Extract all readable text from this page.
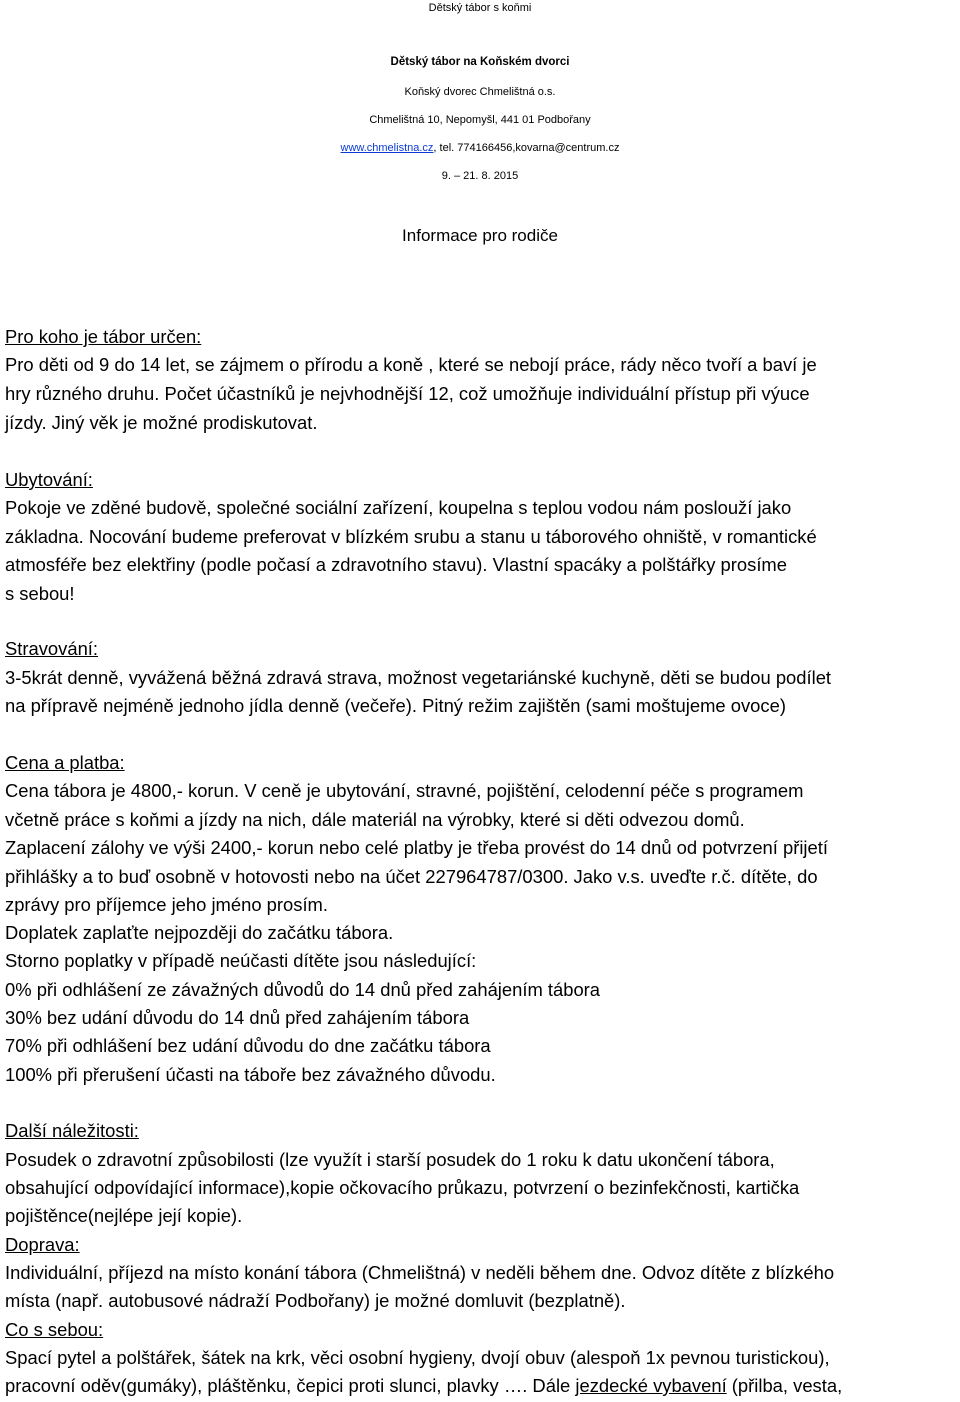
Dětský tábor s koňmi
Dětský tábor na Koňském dvorci
Koňský dvorec Chmelištná o.s.
Chmelištná 10, Nepomyšl, 441 01 Podbořany
www.chmelistna.cz, tel. 774166456,kovarna@centrum.cz
9. – 21. 8. 2015
Informace pro rodiče
Pro koho je tábor určen:
Pro děti od 9 do 14 let, se zájmem o přírodu a koně , které se nebojí práce, rády něco tvoří a baví je
hry různého druhu. Počet účastníků je nejvhodnější 12, což umožňuje individuální přístup při výuce
jízdy. Jiný věk je možné prodiskutovat.
Ubytování:
Pokoje ve zděné budově, společné sociální zařízení, koupelna s teplou vodou nám poslouží jako
základna. Nocování budeme preferovat v blízkém srubu a stanu u táborového ohniště, v romantické
atmosféře bez elektřiny (podle počasí a zdravotního stavu). Vlastní spacáky a polštářky prosíme
s sebou!
Stravování:
3-5krát denně, vyvážená běžná zdravá strava, možnost vegetariánské kuchyně, děti se budou podílet
na přípravě nejméně jednoho jídla denně (večeře). Pitný režim zajištěn (sami moštujeme ovoce)
Cena a platba:
Cena tábora je 4800,- korun. V ceně je ubytování, stravné, pojištění, celodenní péče s programem
včetně práce s koňmi a jízdy na nich, dále materiál na výrobky, které si děti odvezou domů.
Zaplacení zálohy ve výši 2400,- korun nebo celé platby je třeba provést do 14 dnů od potvrzení přijetí
přihlášky a to buď osobně v hotovosti nebo na účet 227964787/0300. Jako v.s. uveďte r.č. dítěte, do
zprávy pro příjemce jeho jméno prosím.
Doplatek zaplaťte nejpozději do začátku tábora.
Storno poplatky v případě neúčasti dítěte jsou následující:
0% při odhlášení ze závažných důvodů do 14 dnů před zahájením tábora
30% bez udání důvodu do 14 dnů před zahájením tábora
70% při odhlášení bez udání důvodu do dne začátku tábora
100% při přerušení účasti na táboře bez závažného důvodu.
Další náležitosti:
Posudek o zdravotní způsobilosti (lze využít i starší posudek do 1 roku k datu ukončení tábora,
obsahující odpovídající informace),kopie očkovacího průkazu, potvrzení o bezinfekčnosti, kartička
pojištěnce(nejlépe její kopie).
Doprava:
Individuální, příjezd na místo konání tábora (Chmelištná) v neděli během dne. Odvoz dítěte z blízkého
místa (např. autobusové nádraží Podbořany) je možné domluvit (bezplatně).
Co s sebou:
Spací pytel a polštářek, šátek na krk, věci osobní hygieny, dvojí obuv (alespoň 1x pevnou turistickou),
pracovní oděv(gumáky), pláštěnku, čepici proti slunci, plavky …. Dále jezdecké vybavení (přilba, vesta,
